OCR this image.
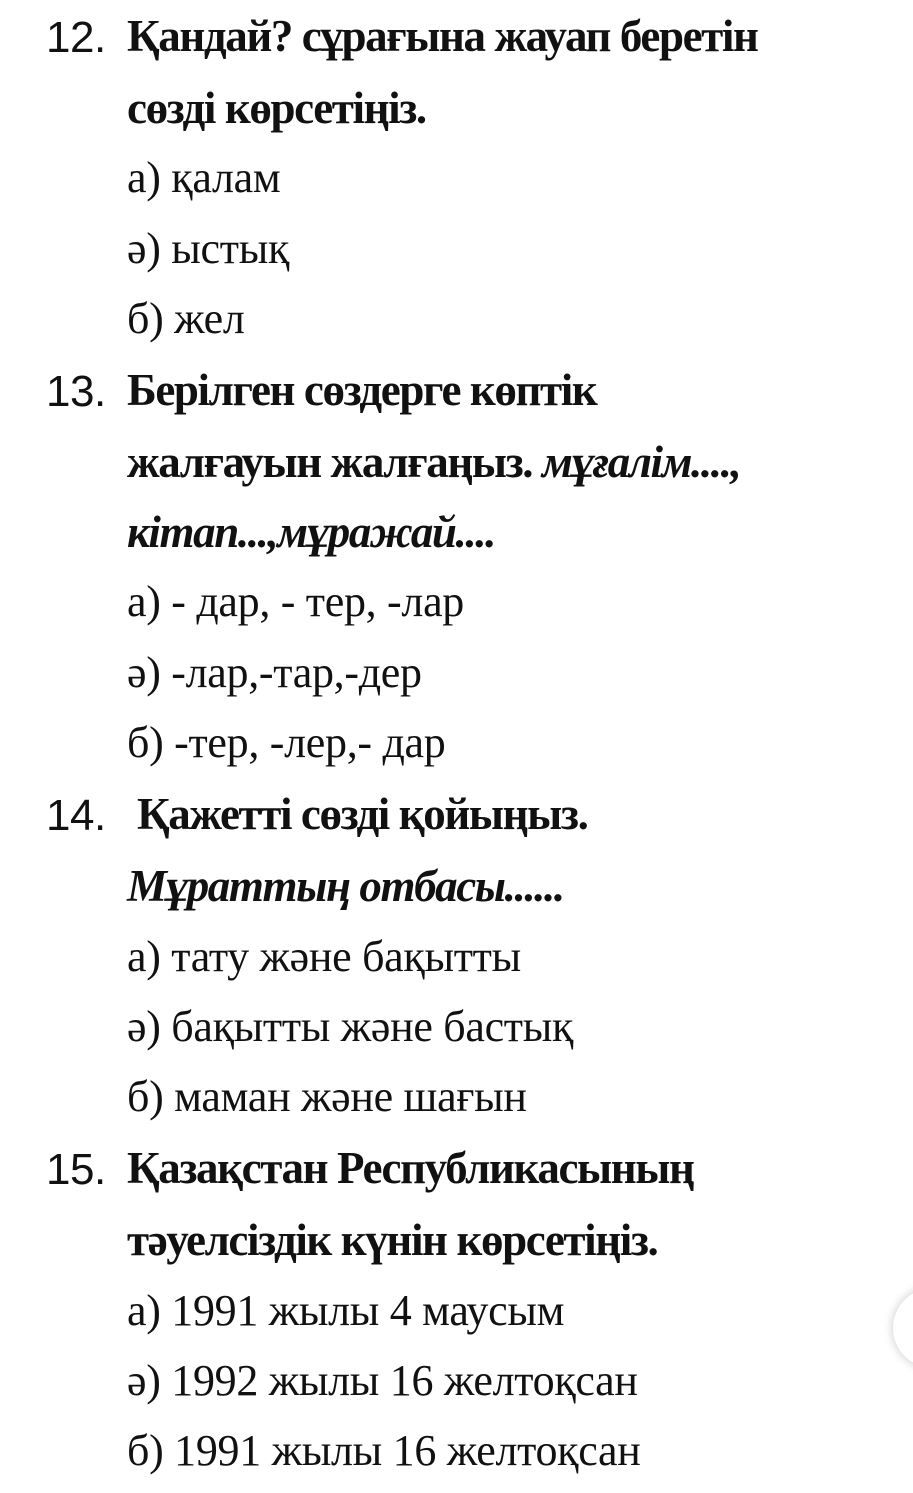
12. Қандай? сұрағына жауап беретін
сөзді көрсетіңіз.
а) қалам
ә) ыстық
б) жел
13. Берілген сөздерге көптік
жалғауын жалғаңыз. мұғалім....,
кітап...,мұражай....
а) - дар, - тер, -лар
ә) -лар,-тар,-дер
б) -тер, -лер,- дар
14. Қажетті сөзді қойыңыз.
Мұраттың отбасы......
а) тату және бақытты
ә) бақытты және бастық
б) маман және шағын
15. Қазақстан Республикасының
тәуелсіздік күнін көрсетіңіз.
а) 1991 жылы 4 маусым
ә) 1992 жылы 16 желтоқсан
б) 1991 жылы 16 желтоқсан
